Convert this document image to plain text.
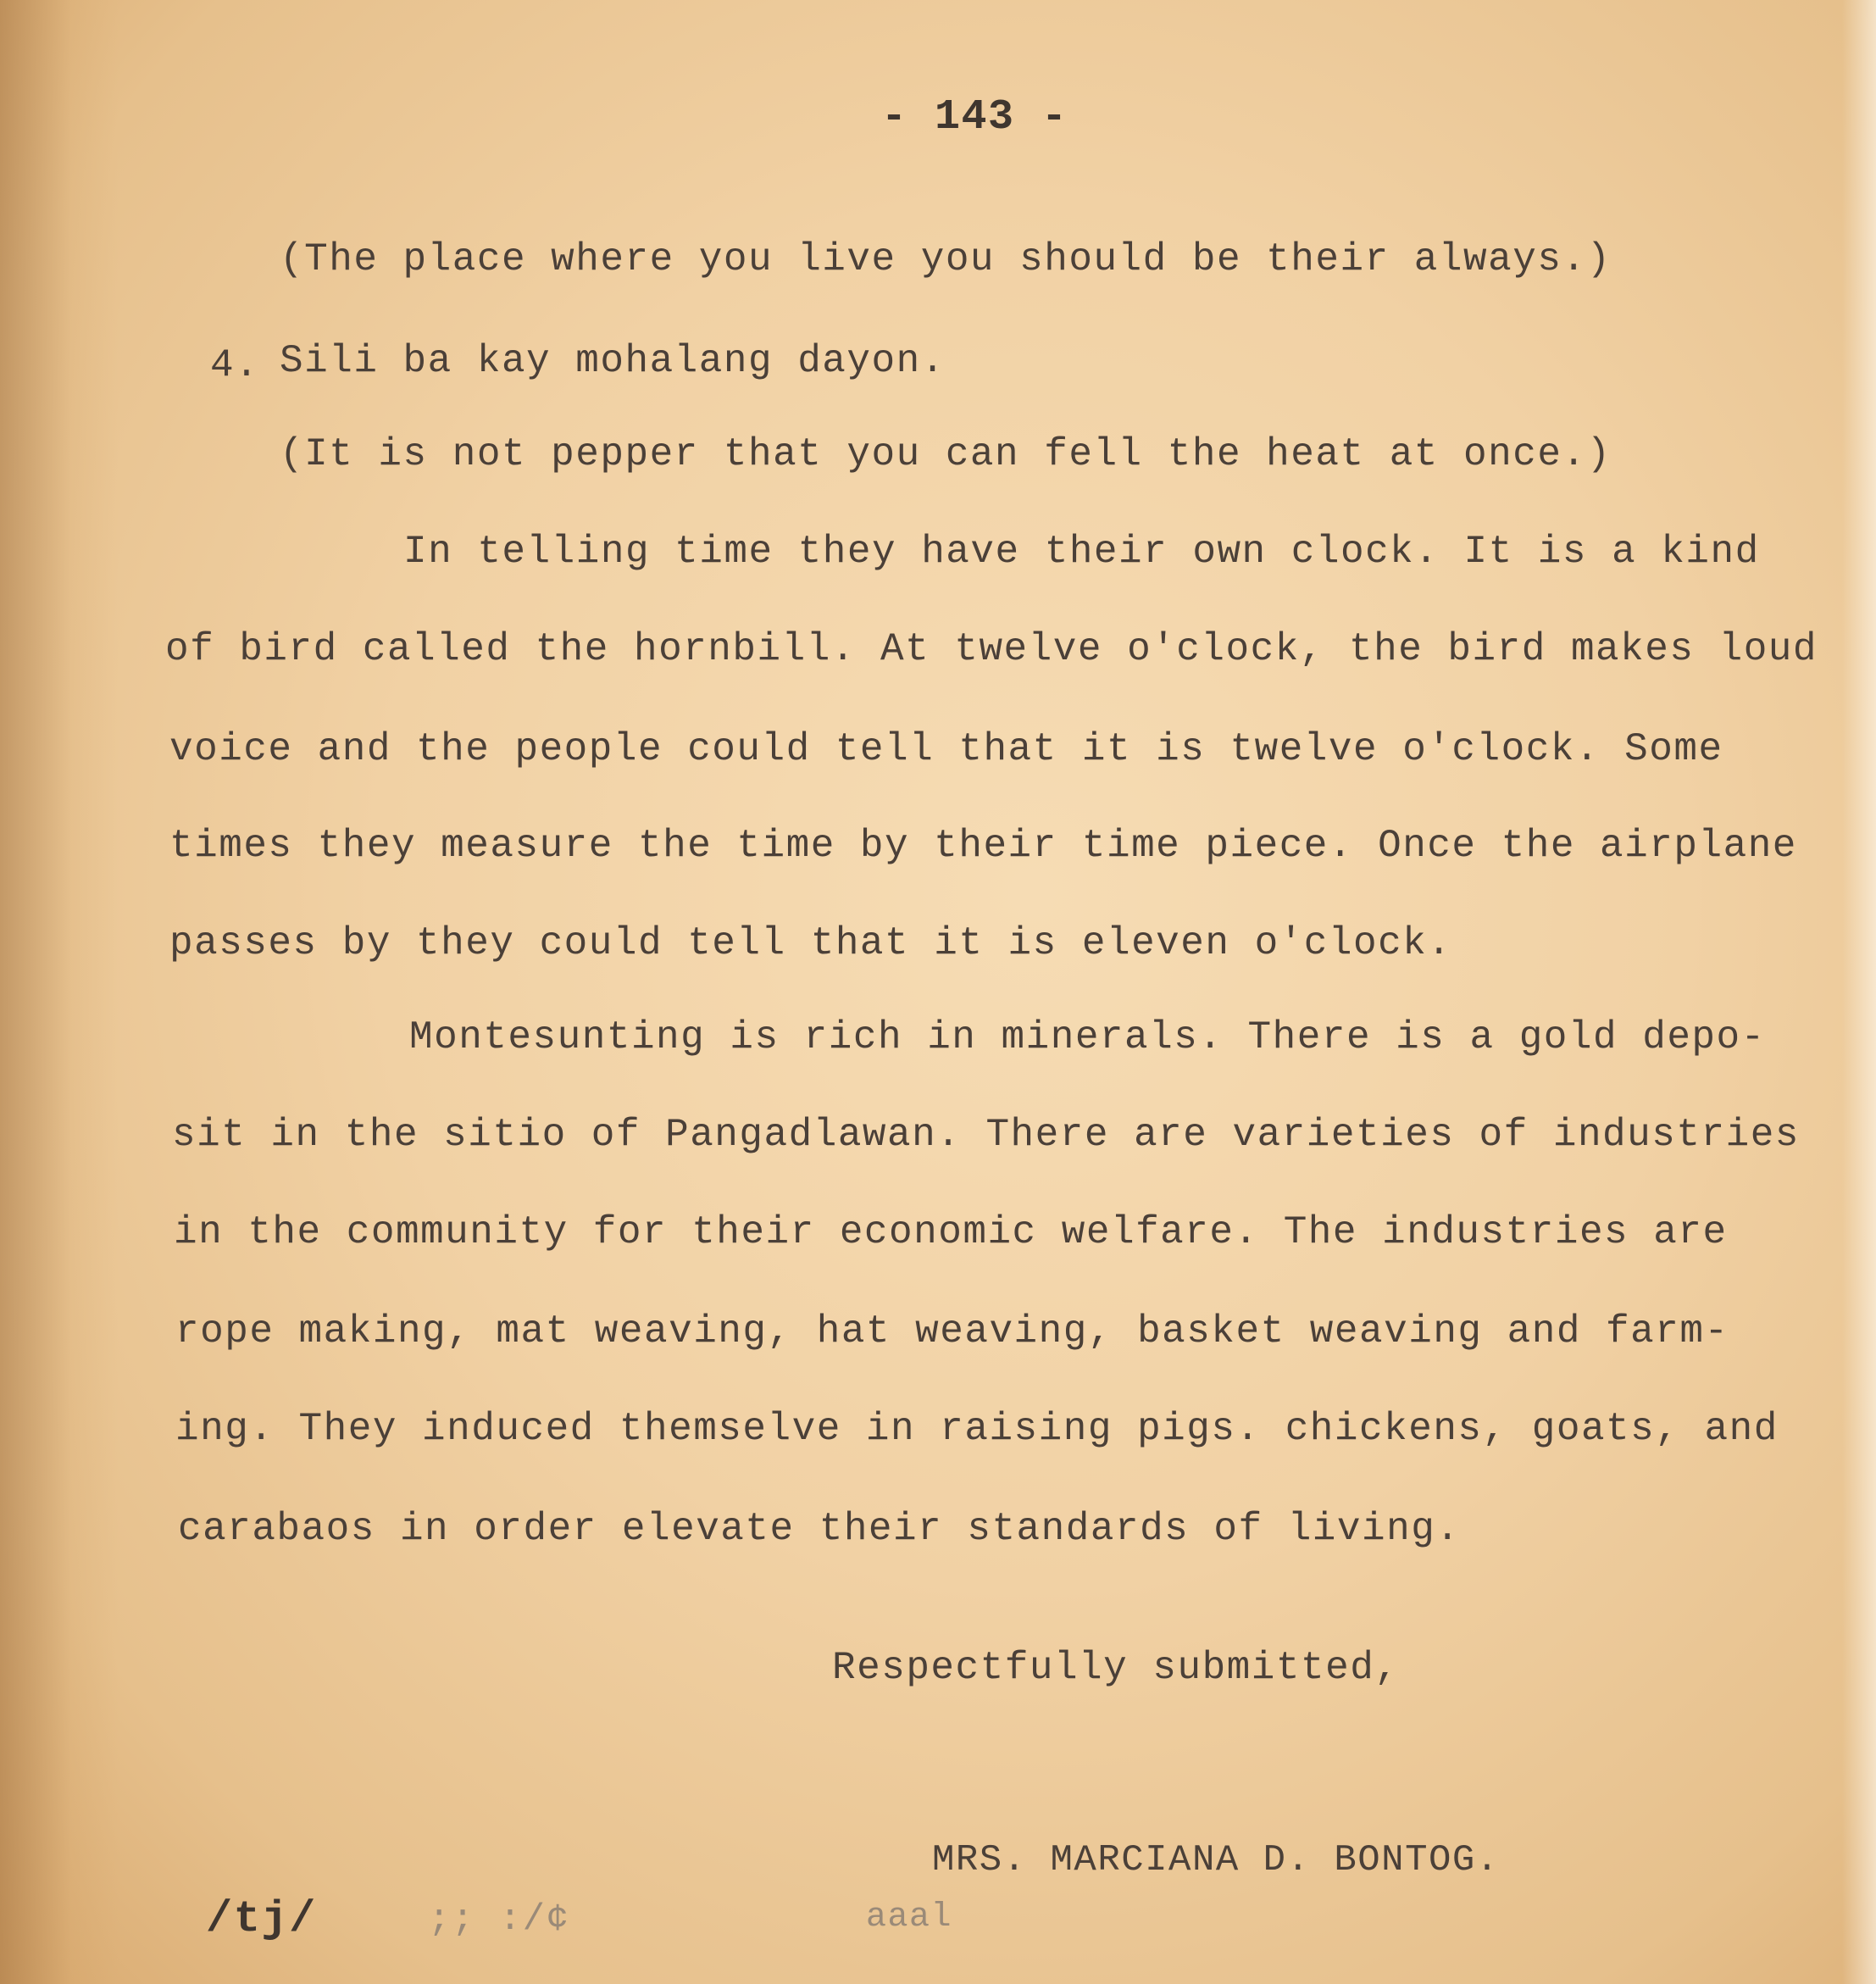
- 143 -
(The place where you live you should be their always.)
4. Sili ba kay mohalang dayon.
(It is not pepper that you can fell the heat at once.)
In telling time they have their own clock. It is a kind
of bird called the hornbill. At twelve o'clock, the bird makes loud
voice and the people could tell that it is twelve o'clock. Some
times they measure the time by their time piece. Once the airplane
passes by they could tell that it is eleven o'clock.
Montesunting is rich in minerals. There is a gold depo-
sit in the sitio of Pangadlawan. There are varieties of industries
in the community for their economic welfare. The industries are
rope making, mat weaving, hat weaving, basket weaving and farm-
ing. They induced themselve in raising pigs. chickens, goats, and
carabaos in order elevate their standards of living.
Respectfully submitted,
MRS. MARCIANA D. BONTOG.
/tj/	;; :/¢	aaal
